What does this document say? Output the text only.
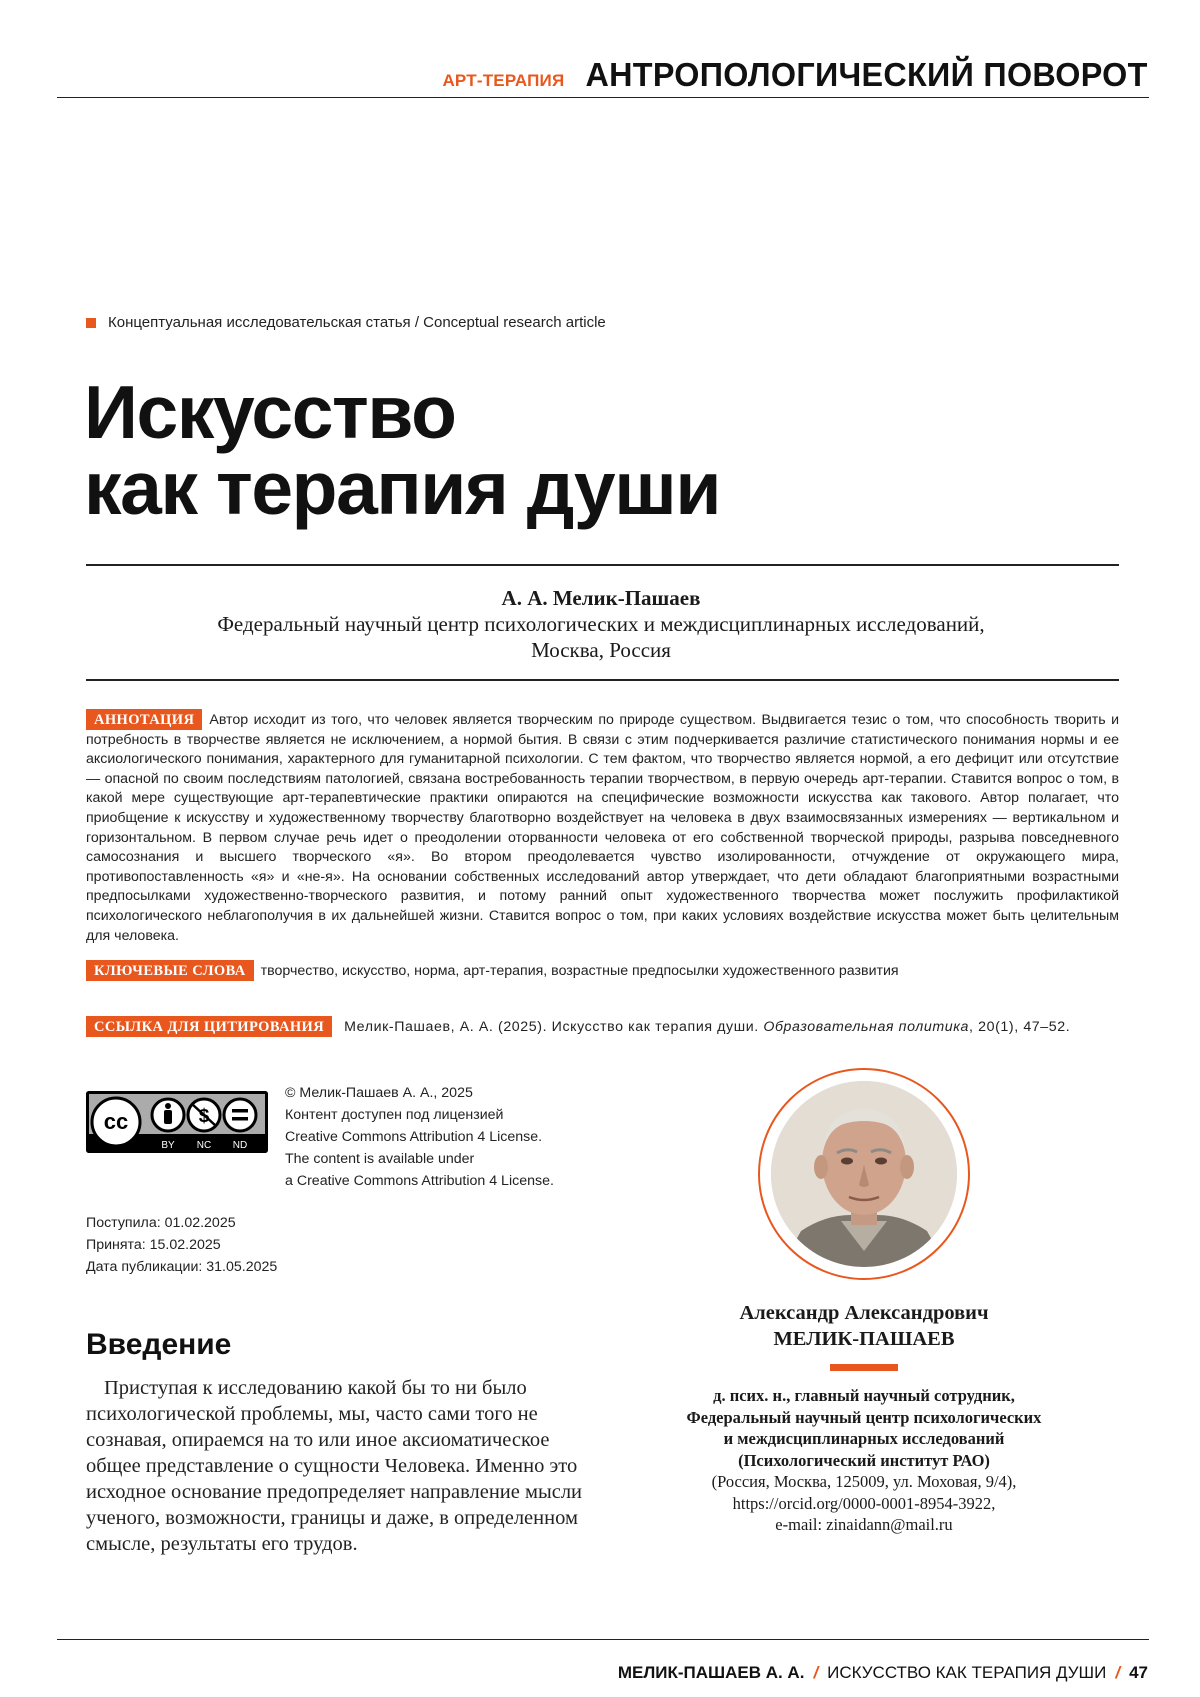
АРТ-ТЕРАПИЯ АНТРОПОЛОГИЧЕСКИЙ ПОВОРОТ
Концептуальная исследовательская статья / Conceptual research article
Искусство
как терапия души
А. А. Мелик-Пашаев
Федеральный научный центр психологических и междисциплинарных исследований,
Москва, Россия
АННОТАЦИЯ Автор исходит из того, что человек является творческим по природе существом. Выдвигается тезис о том, что способность творить и потребность в творчестве является не исключением, а нормой бытия. В связи с этим подчеркивается различие статистического понимания нормы и ее аксиологического понимания, характерного для гуманитарной психологии. С тем фактом, что творчество является нормой, а его дефицит или отсутствие — опасной по своим последствиям патологией, связана востребованность терапии творчеством, в первую очередь арт-терапии. Ставится вопрос о том, в какой мере существующие арт-терапевтические практики опираются на специфические возможности искусства как такового. Автор полагает, что приобщение к искусству и художественному творчеству благотворно воздействует на человека в двух взаимосвязанных измерениях — вертикальном и горизонтальном. В первом случае речь идет о преодолении оторванности человека от его собственной творческой природы, разрыва повседневного самосознания и высшего творческого «я». Во втором преодолевается чувство изолированности, отчуждение от окружающего мира, противопоставленность «я» и «не-я». На основании собственных исследований автор утверждает, что дети обладают благоприятными возрастными предпосылками художественно-творческого развития, и потому ранний опыт художественного творчества может послужить профилактикой психологического неблагополучия в их дальнейшей жизни. Ставится вопрос о том, при каких условиях воздействие искусства может быть целительным для человека.
КЛЮЧЕВЫЕ СЛОВА	творчество, искусство, норма, арт-терапия, возрастные предпосылки художественного развития
ССЫЛКА ДЛЯ ЦИТИРОВАНИЯ	Мелик-Пашаев, А. А. (2025). Искусство как терапия души.
Образовательная политика , 20(1), 47–52.
cc
BY NC ND
© Мелик-Пашаев А. А., 2025
Контент доступен под лицензией
Creative Commons Attribution 4 License.
The content is available under
a Creative Commons Attribution 4 License.
Поступила: 01.02.2025
Принята: 15.02.2025
Дата публикации: 31.05.2025
Введение
Приступая к исследованию какой бы то ни было психологической проблемы, мы, часто сами того не сознавая, опираемся на то или иное аксиоматическое общее представление о сущности Человека. Именно это исходное основание предопределяет направление мысли ученого, возможности, границы и даже, в определенном смысле, результаты его трудов.
Александр Александрович
МЕЛИК-ПАШАЕВ
д. псих. н., главный научный сотрудник,
Федеральный научный центр психологических
и междисциплинарных исследований
(Психологический институт РАО)
(Россия, Москва, 125009, ул. Моховая, 9/4),
https://orcid.org/0000-0001-8954-3922,
e-mail: zinaidann@mail.ru
МЕЛИК-ПАШАЕВ А. А. / ИСКУССТВО КАК ТЕРАПИЯ ДУШИ / 47
